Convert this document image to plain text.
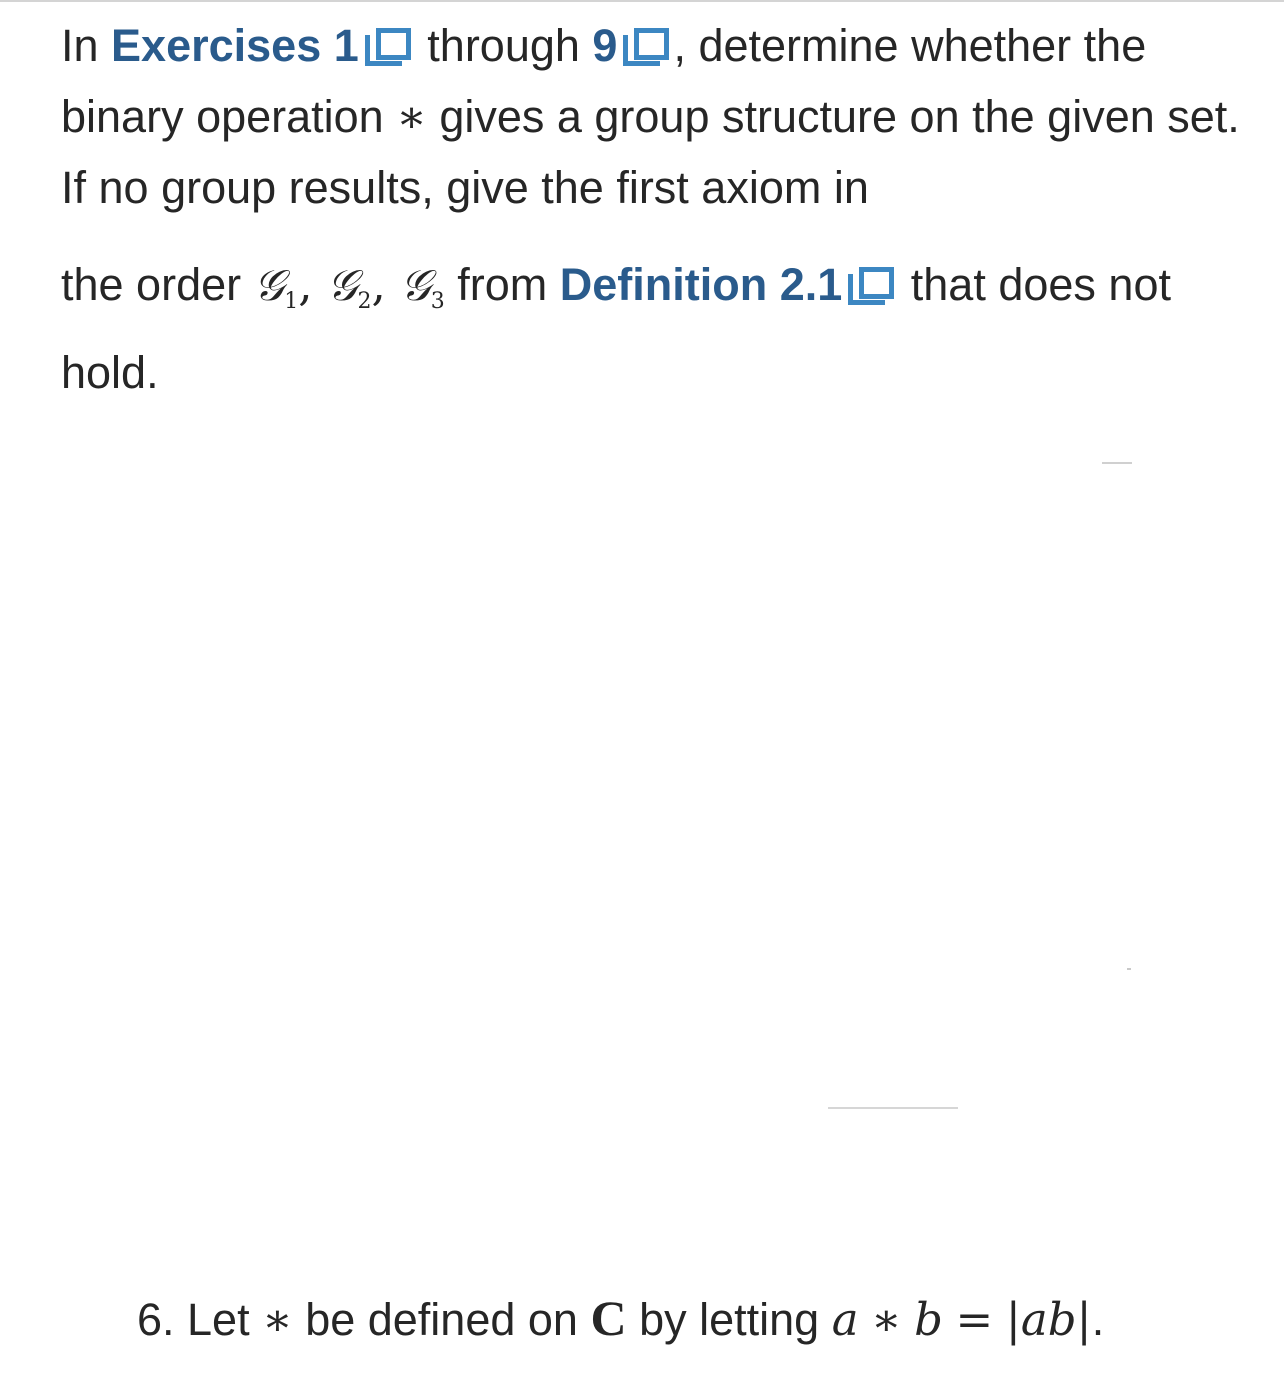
In Exercises 1
through 9 , determine whether the binary operation ∗ gives a group structure on the given set. If no group results, give the first axiom in
the order 𝒢$_1$, 𝒢$_2$, 𝒢$_3$ from Definition 2.1
that does not hold.

6. Let ∗ be defined on C by letting a ∗ b = |ab|.
